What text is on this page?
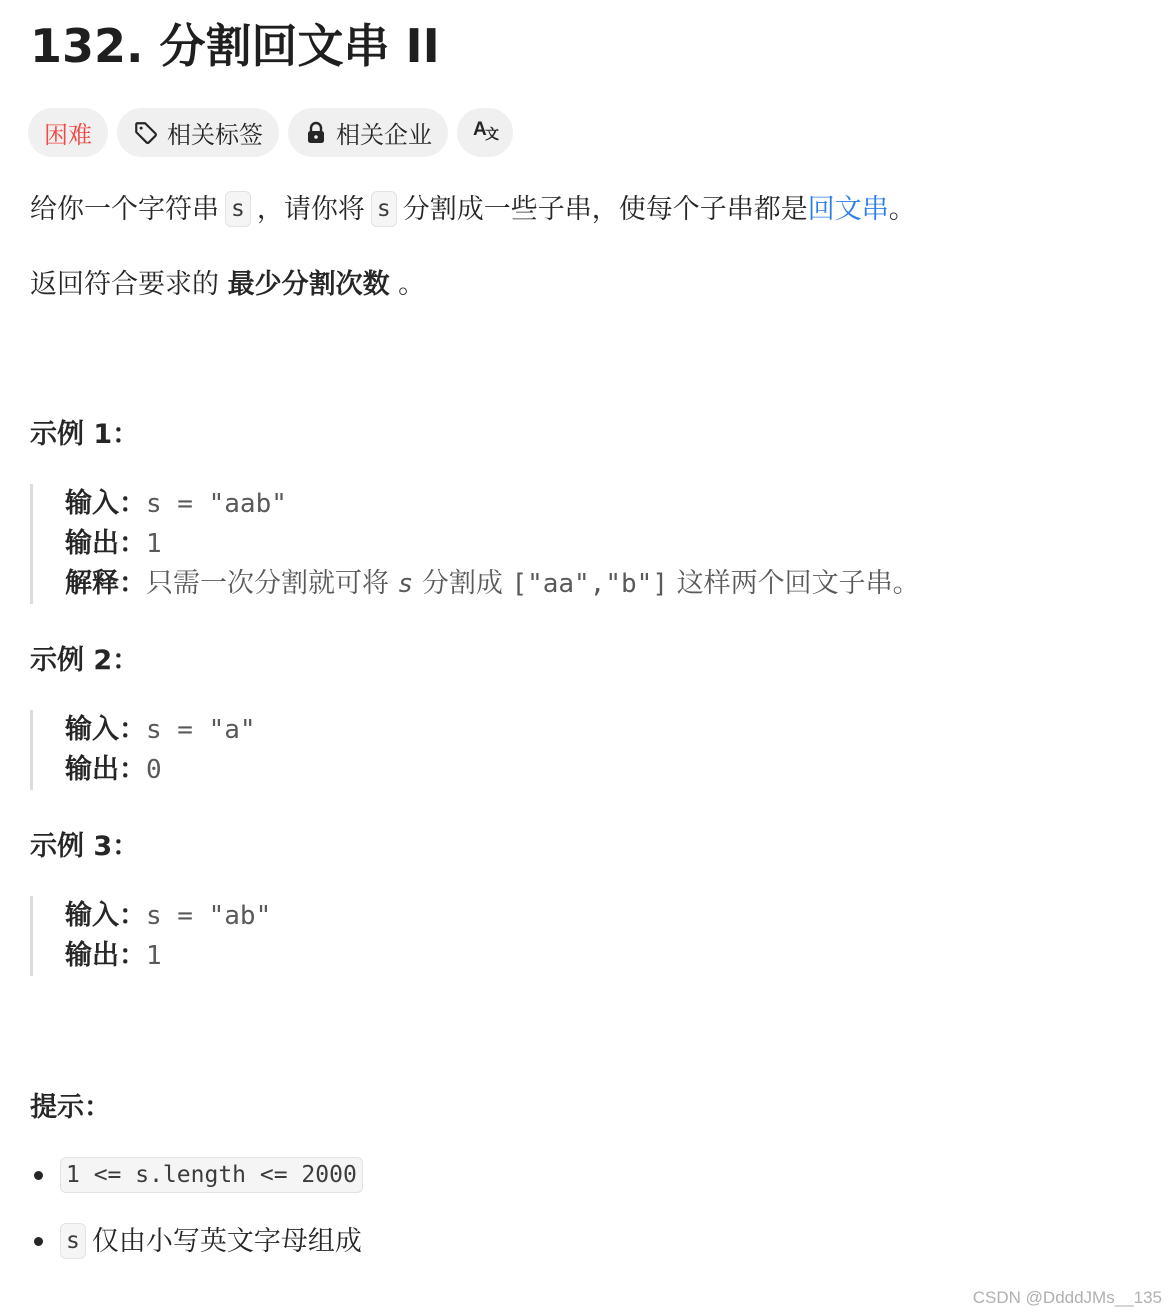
132. 分割回文串 II
困难	相关标签	相关企业 A
文

给你一个字符串 s ，请你将 s 分割成一些子串，使每个子串都是回文串。

返回符合要求的 最少分割次数 。

示例 1：
输入：s = "aab"
输出：1
解释：只需一次分割就可将 s 分割成 ["aa","b"] 这样两个回文子串。
示例 2：
输入：s = "a"
输出：0
示例 3：
输入：s = "ab"
输出：1
提示：
1 <= s.length <= 2000
s 仅由小写英文字母组成
CSDN @DdddJMs__135
